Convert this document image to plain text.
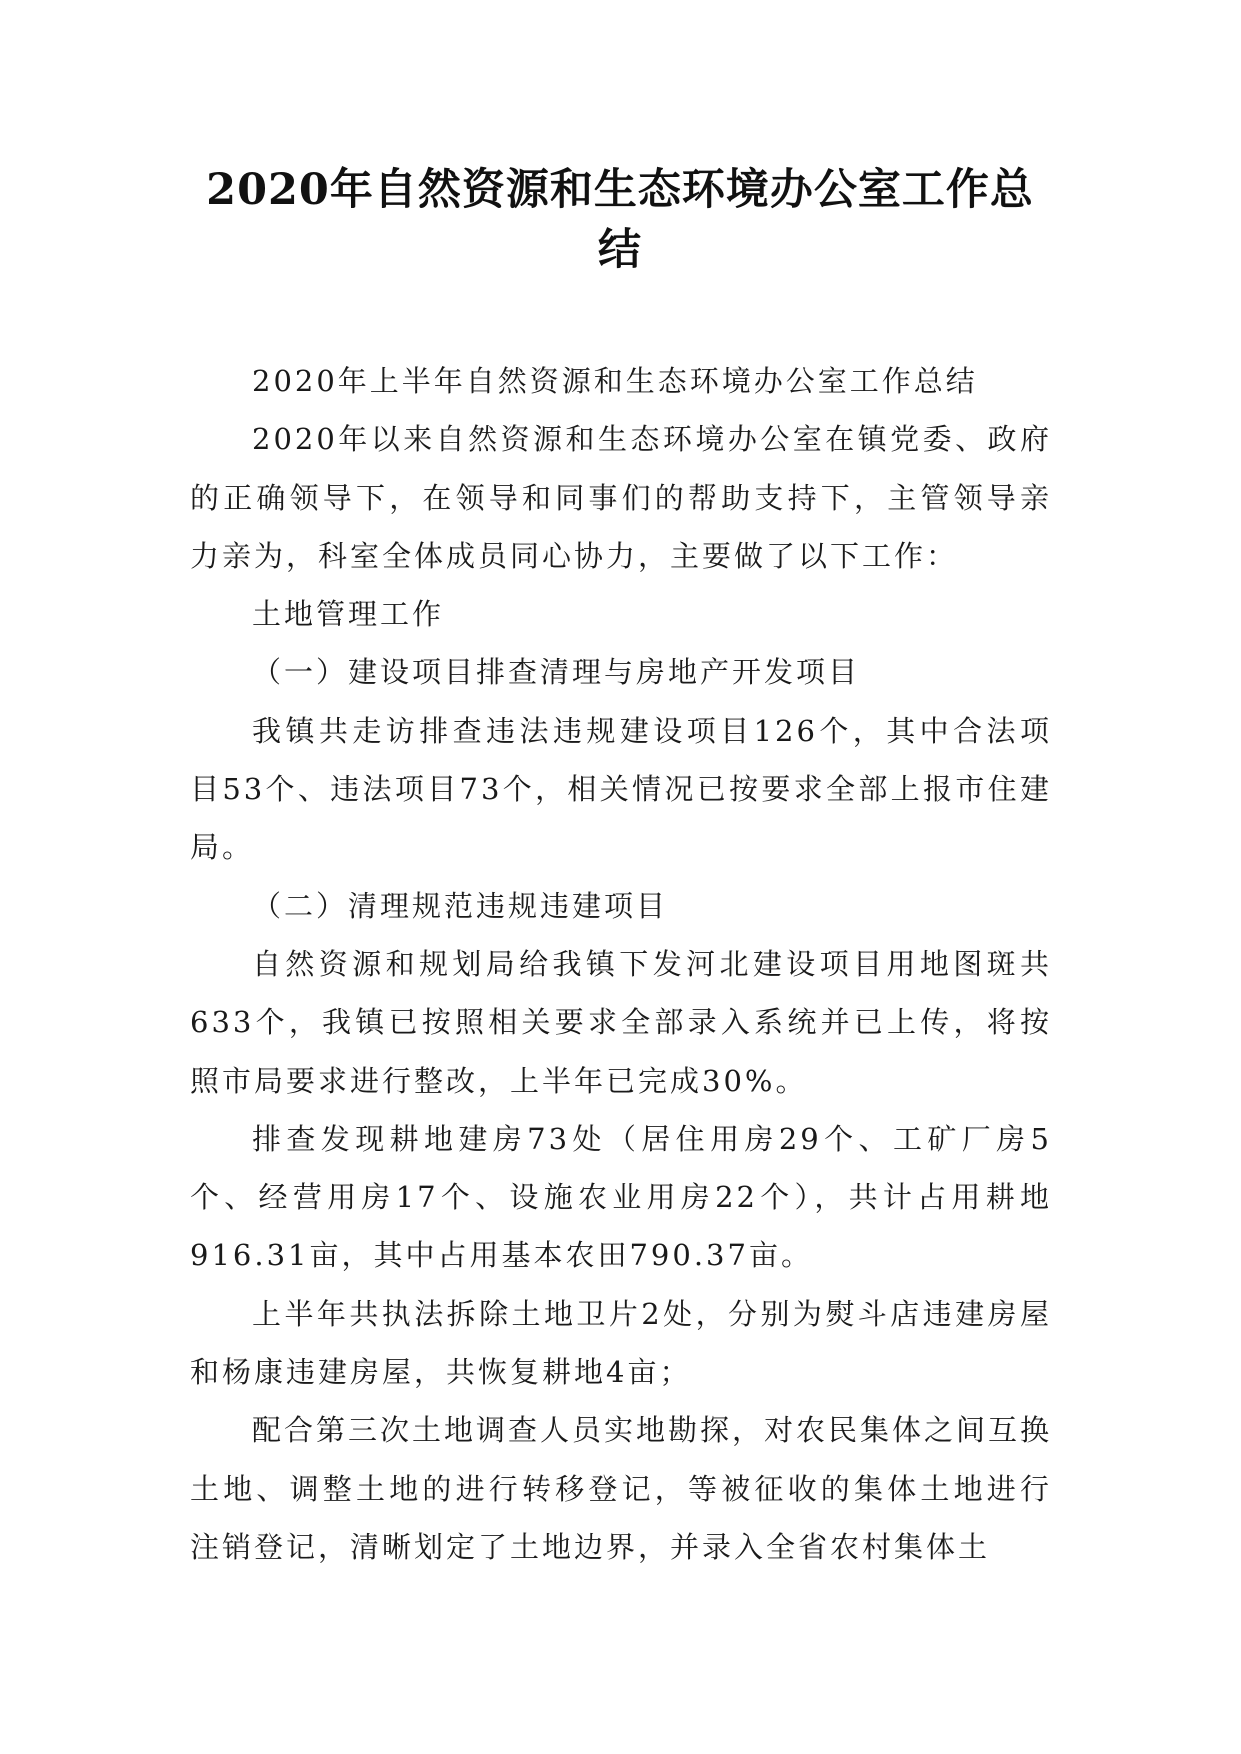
2020年自然资源和生态环境办公室工作总结

2020年上半年自然资源和生态环境办公室工作总结

2020年以来自然资源和生态环境办公室在镇党委、政府的正确领导下，在领导和同事们的帮助支持下，主管领导亲力亲为，科室全体成员同心协力，主要做了以下工作：

土地管理工作

（一）建设项目排查清理与房地产开发项目

我镇共走访排查违法违规建设项目126个，其中合法项目53个、违法项目73个，相关情况已按要求全部上报市住建局。

（二）清理规范违规违建项目

自然资源和规划局给我镇下发河北建设项目用地图斑共633个，我镇已按照相关要求全部录入系统并已上传，将按照市局要求进行整改，上半年已完成30%。

排查发现耕地建房73处（居住用房29个、工矿厂房5个、经营用房17个、设施农业用房22个），共计占用耕地916.31亩，其中占用基本农田790.37亩。

上半年共执法拆除土地卫片2处，分别为熨斗店违建房屋和杨康违建房屋，共恢复耕地4亩；

配合第三次土地调查人员实地勘探，对农民集体之间互换土地、调整土地的进行转移登记，等被征收的集体土地进行注销登记，清晰划定了土地边界，并录入全省农村集体土
